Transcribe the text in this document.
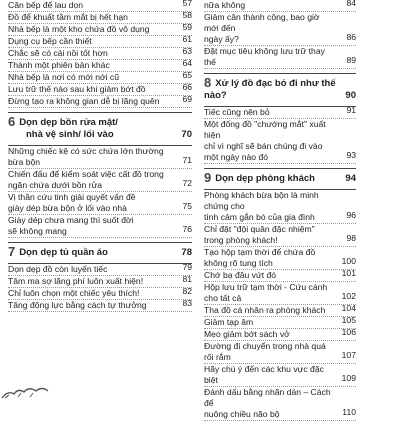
Căn bếp để lau dọn	57
Đồ để khuất tầm mắt bị hết hạn	58
Nhà bếp là một kho chứa đồ vô dụng	59
Dụng cụ bếp cần thiết	61
Chắc sẽ có cái nồi tốt hơn	63
Thành một phiên bản khác	64
Nhà bếp là nơi có mới nới cũ	65
Lưu trữ thế nào sau khi giảm bớt đồ	66
Đừng tạo ra không gian dễ bị lãng quên	69
6 Dọn dẹp bồn rửa mặt/
nhà vệ sinh/ lối vào	70
Những chiếc kệ có sức chứa lớn thường
bừa bộn	71
Chiến đấu để kiểm soát việc cất đồ trong
ngăn chứa dưới bồn rửa	72
Vị thần cứu tinh giải quyết vấn đề
giày dép bừa bộn ở lối vào nhà	75
Giày dép chưa mang thì suốt đời
sẽ không mang	76
7 Dọn dẹp tủ quần áo	78
Dọn dẹp đồ còn luyến tiếc	79
Tâm ma sợ lãng phí luôn xuất hiện!	81
Chỉ luôn chọn một chiếc yêu thích!	82
Tăng động lực bằng cách tự thưởng	83
nữa không	84
Giảm cân thành công, bao giờ mới đến
ngày ấy?	86
Đặt mục tiêu không lưu trữ thay thế	89
8 Xử lý đồ đạc bỏ đi như thế nào?	90
Tiếc cũng nên bỏ	91
Một đống đồ "chướng mắt" xuất hiện
chỉ vì nghĩ sẽ bán chúng đi vào
một ngày nào đó	93
9 Dọn dẹp phòng khách	94
Phòng khách bừa bộn là minh chứng cho
tình cảm gắn bó của gia đình	96
Chỉ đặt "đội quân đặc nhiệm"
trong phòng khách!	98
Tạo hộp tạm thời để chứa đồ
không rõ tung tích	100
Chớ bạ đâu vứt đó	101
Hộp lưu trữ tạm thời - Cứu cánh
cho tất cả	102
Tha đồ cá nhân ra phòng khách	104
Giảm tạp âm	105
Mẹo giảm bớt sách vở	106
Đường đi chuyển trong nhà quá rối rắm	107
Hãy chú ý đến các khu vực đặc biệt	109
Đánh dấu bằng nhãn dán – Cách để
nuông chiều não bộ	110
